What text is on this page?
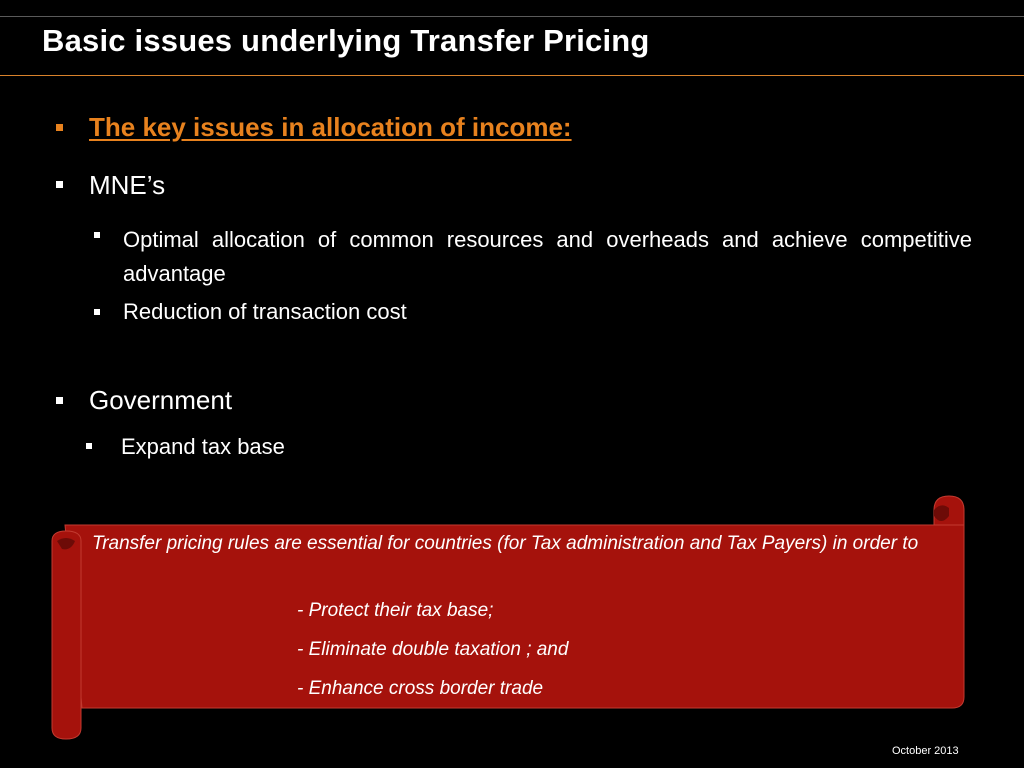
Basic issues underlying Transfer Pricing
The key issues in allocation of income:
MNE’s
Optimal allocation of common resources and overheads and achieve competitive advantage
Reduction of transaction cost
Government
Expand tax base
Transfer pricing rules are essential for countries (for Tax administration and Tax Payers) in order to
- Protect their tax base;
- Eliminate double taxation ; and
- Enhance cross border trade
October 2013
